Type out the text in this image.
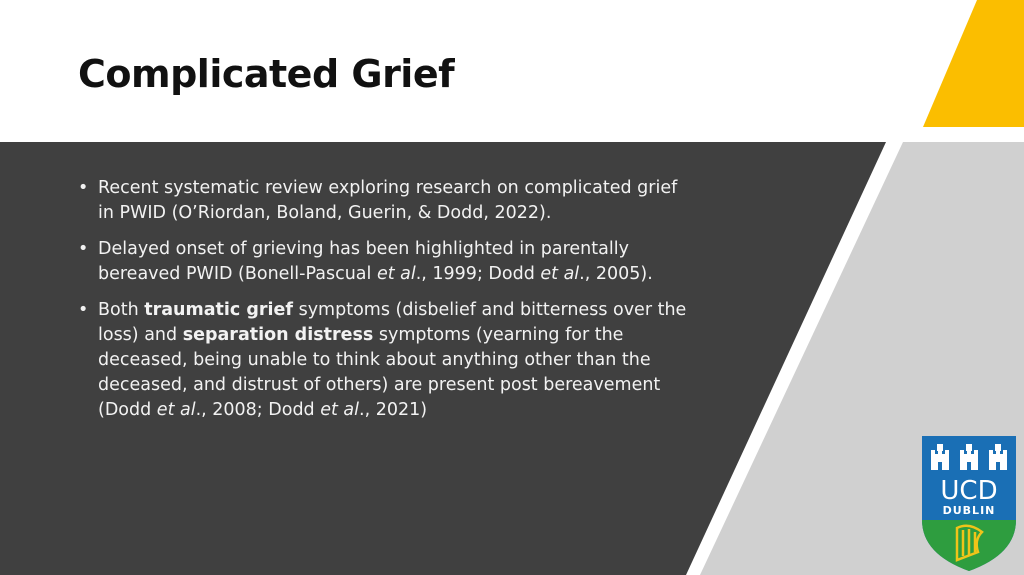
Complicated Grief
• Recent systematic review exploring research on complicated grief in PWID (O’Riordan, Boland, Guerin, & Dodd, 2022).
• Delayed onset of grieving has been highlighted in parentally bereaved PWID (Bonell-Pascual et al., 1999; Dodd et al., 2005).
• Both traumatic grief symptoms (disbelief and bitterness over the loss) and separation distress symptoms (yearning for the deceased, being unable to think about anything other than the deceased, and distrust of others) are present post bereavement (Dodd et al., 2008; Dodd et al., 2021)
UCD
DUBLIN
